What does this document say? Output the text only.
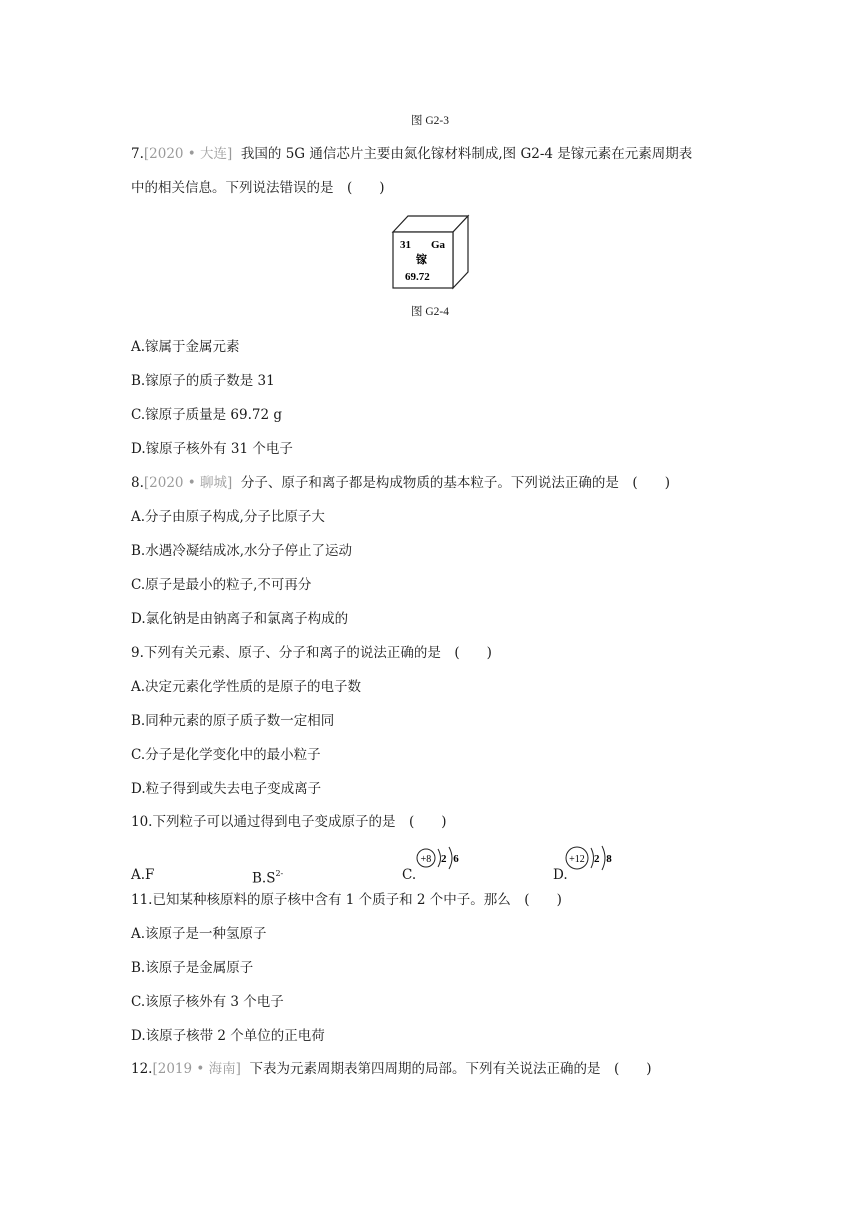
图 G2-3
7.[2020 • 大连] 我国的 5G 通信芯片主要由氮化镓材料制成,图 G2-4 是镓元素在元素周期表
中的相关信息。下列说法错误的是　(　　)
31 Ga
镓
69.72
图 G2-4
A.镓属于金属元素
B.镓原子的质子数是 31
C.镓原子质量是 69.72 g
D.镓原子核外有 31 个电子
8.[2020 • 聊城] 分子、原子和离子都是构成物质的基本粒子。下列说法正确的是　(　　)
A.分子由原子构成,分子比原子大
B.水遇冷凝结成冰,水分子停止了运动
C.原子是最小的粒子,不可再分
D.氯化钠是由钠离子和氯离子构成的
9.下列有关元素、原子、分子和离子的说法正确的是　(　　)
A.决定元素化学性质的是原子的电子数
B.同种元素的原子质子数一定相同
C.分子是化学变化中的最小粒子
D.粒子得到或失去电子变成离子
10.下列粒子可以通过得到电子变成原子的是　(　　)
A.F	$B.S^{2-}$	C.	D.
+8 2 6	+12 2 8
11.已知某种核原料的原子核中含有 1 个质子和 2 个中子。那么　(　　)
A.该原子是一种氢原子
B.该原子是金属原子
C.该原子核外有 3 个电子
D.该原子核带 2 个单位的正电荷
12.[2019 • 海南] 下表为元素周期表第四周期的局部。下列有关说法正确的是　(　　)
